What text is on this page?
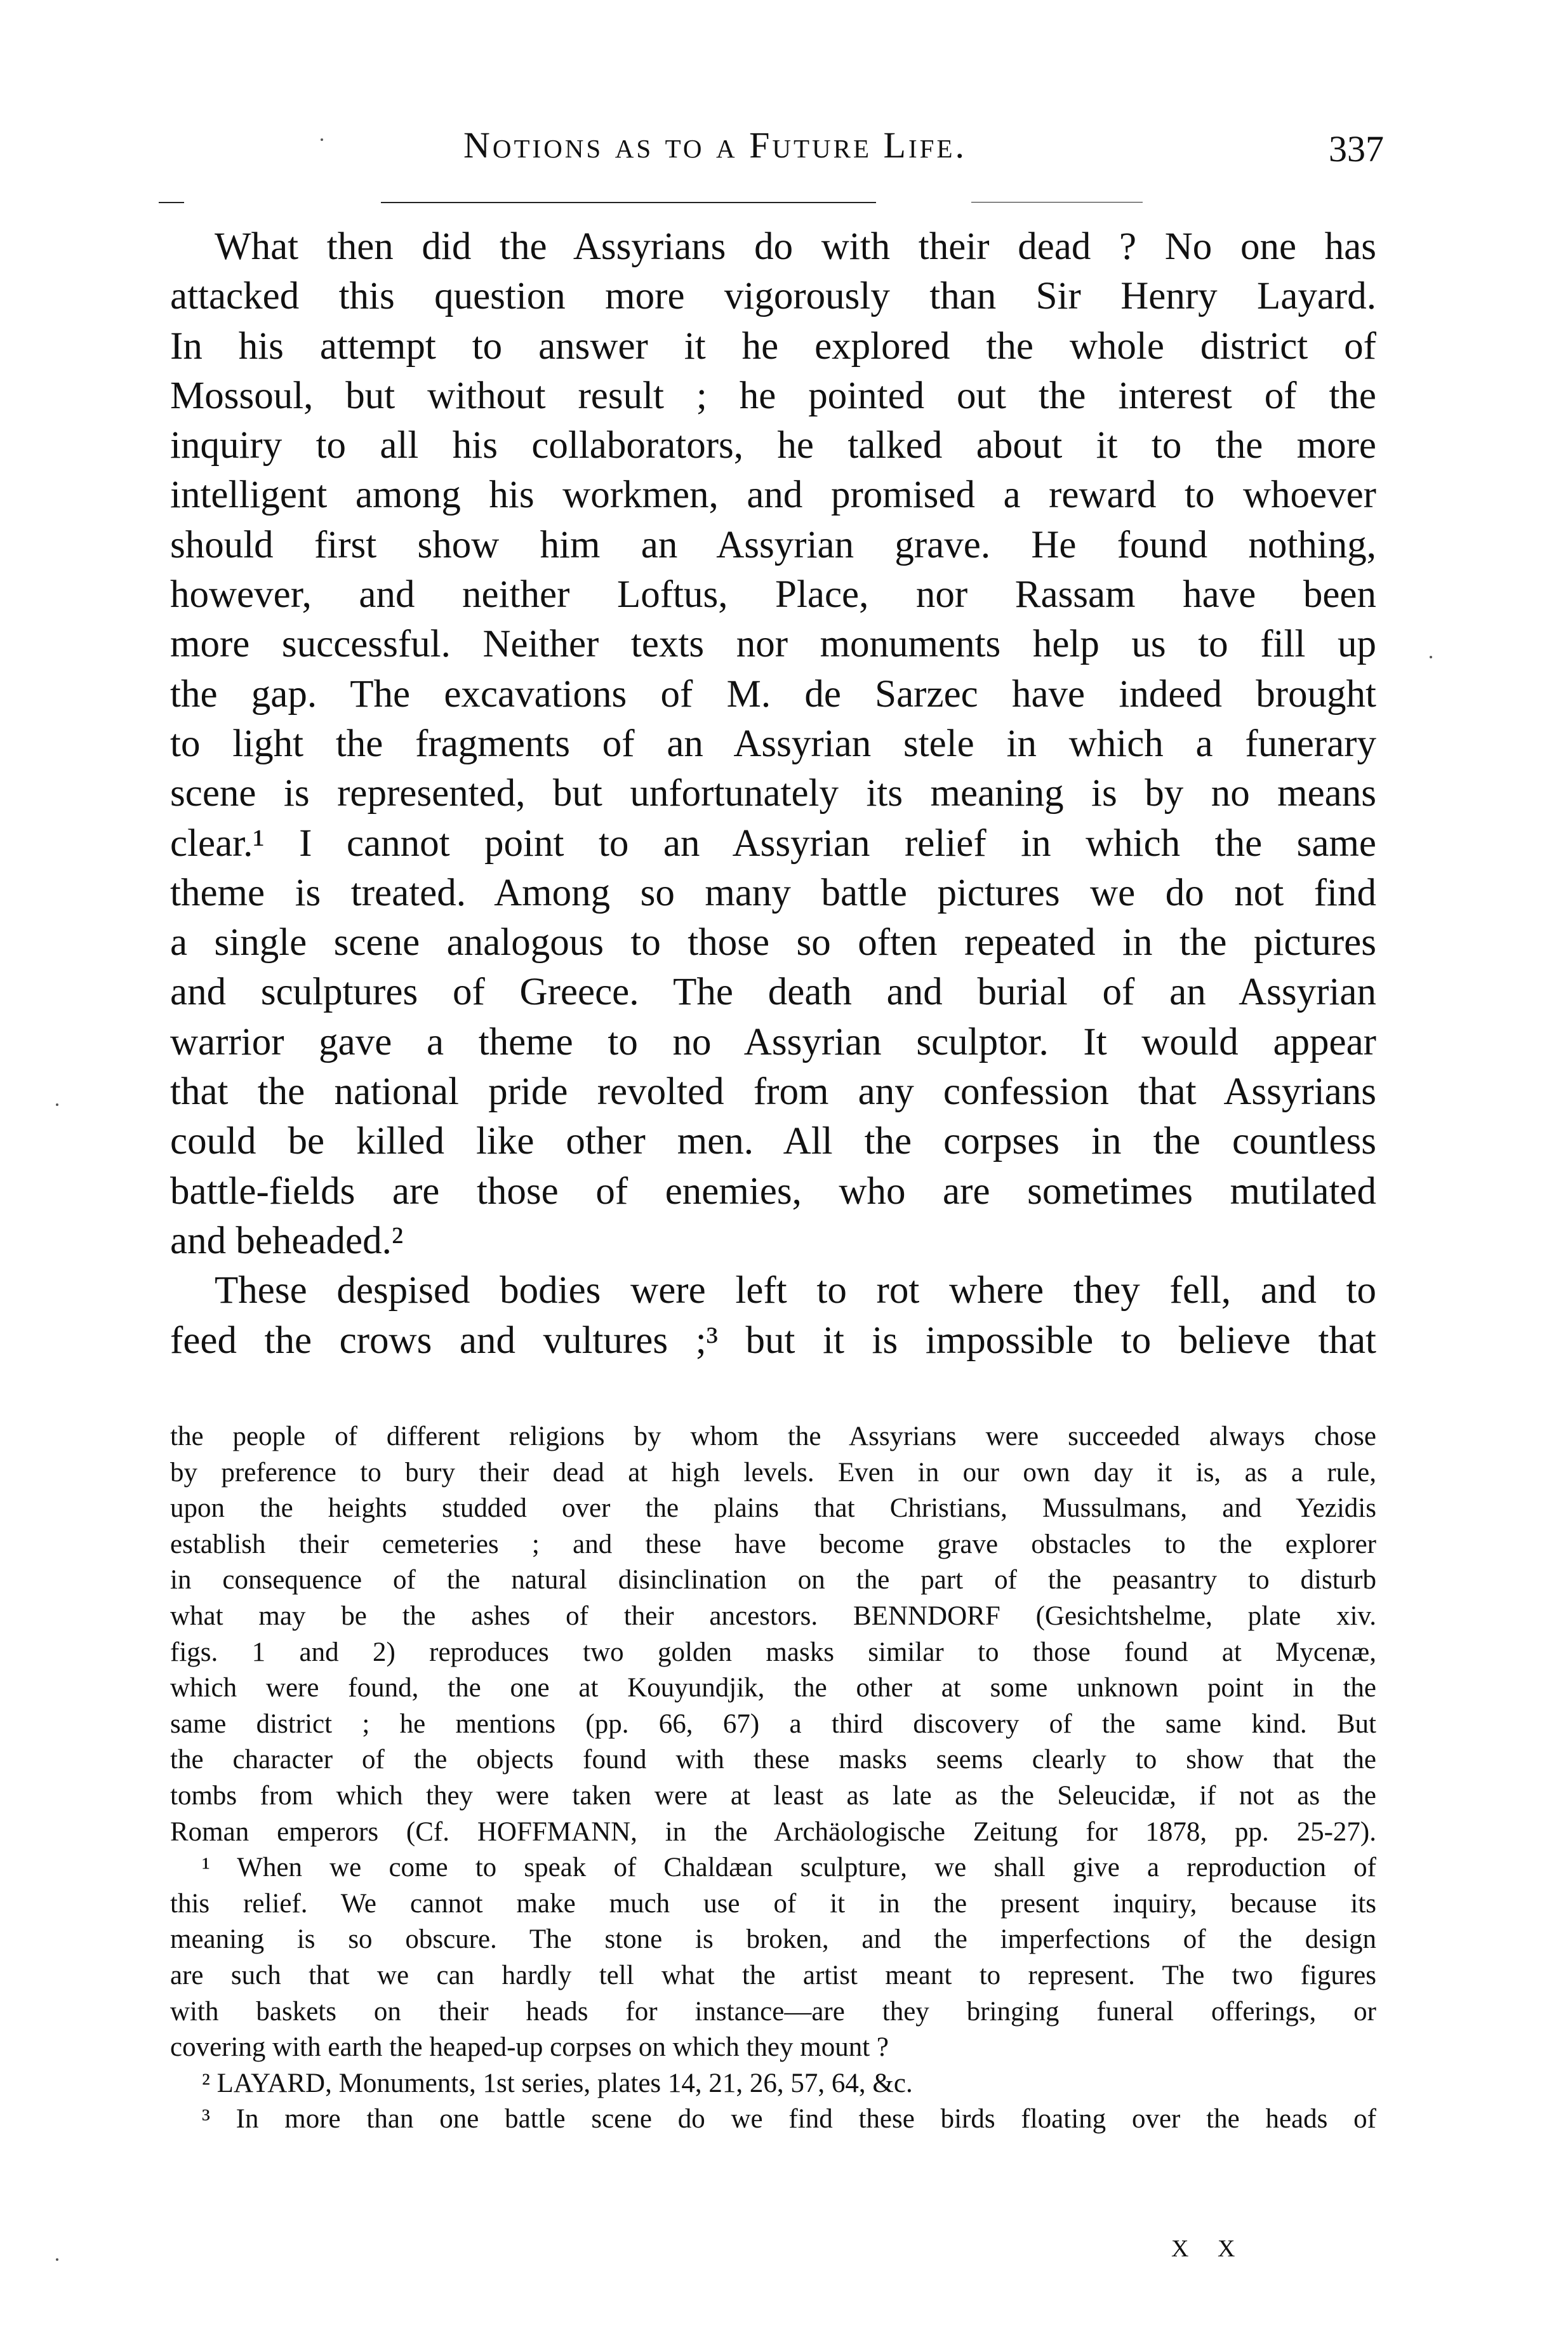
Notions as to a Future Life.	337
What then did the Assyrians do with their dead ? No one has
attacked this question more vigorously than Sir Henry Layard.
In his attempt to answer it he explored the whole district of
Mossoul, but without result ; he pointed out the interest of the
inquiry to all his collaborators, he talked about it to the more
intelligent among his workmen, and promised a reward to whoever
should first show him an Assyrian grave. He found nothing,
however, and neither Loftus, Place, nor Rassam have been
more successful. Neither texts nor monuments help us to fill up
the gap. The excavations of M. de Sarzec have indeed brought
to light the fragments of an Assyrian stele in which a funerary
scene is represented, but unfortunately its meaning is by no means
clear.¹ I cannot point to an Assyrian relief in which the same
theme is treated. Among so many battle pictures we do not find
a single scene analogous to those so often repeated in the pictures
and sculptures of Greece. The death and burial of an Assyrian
warrior gave a theme to no Assyrian sculptor. It would appear
that the national pride revolted from any confession that Assyrians
could be killed like other men. All the corpses in the countless
battle-fields are those of enemies, who are sometimes mutilated
and beheaded.²
These despised bodies were left to rot where they fell, and to
feed the crows and vultures ;³ but it is impossible to believe that
the people of different religions by whom the Assyrians were succeeded always chose
by preference to bury their dead at high levels. Even in our own day it is, as a rule,
upon the heights studded over the plains that Christians, Mussulmans, and Yezidis
establish their cemeteries ; and these have become grave obstacles to the explorer
in consequence of the natural disinclination on the part of the peasantry to disturb
what may be the ashes of their ancestors. BENNDORF (Gesichtshelme, plate xiv.
figs. 1 and 2) reproduces two golden masks similar to those found at Mycenæ,
which were found, the one at Kouyundjik, the other at some unknown point in the
same district ; he mentions (pp. 66, 67) a third discovery of the same kind. But
the character of the objects found with these masks seems clearly to show that the
tombs from which they were taken were at least as late as the Seleucidæ, if not as the
Roman emperors (Cf. HOFFMANN, in the Archäologische Zeitung for 1878, pp. 25-27).
¹ When we come to speak of Chaldæan sculpture, we shall give a reproduction of
this relief. We cannot make much use of it in the present inquiry, because its
meaning is so obscure. The stone is broken, and the imperfections of the design
are such that we can hardly tell what the artist meant to represent. The two figures
with baskets on their heads for instance—are they bringing funeral offerings, or
covering with earth the heaped-up corpses on which they mount ?
² LAYARD, Monuments, 1st series, plates 14, 21, 26, 57, 64, &c.
³ In more than one battle scene do we find these birds floating over the heads of
X X
